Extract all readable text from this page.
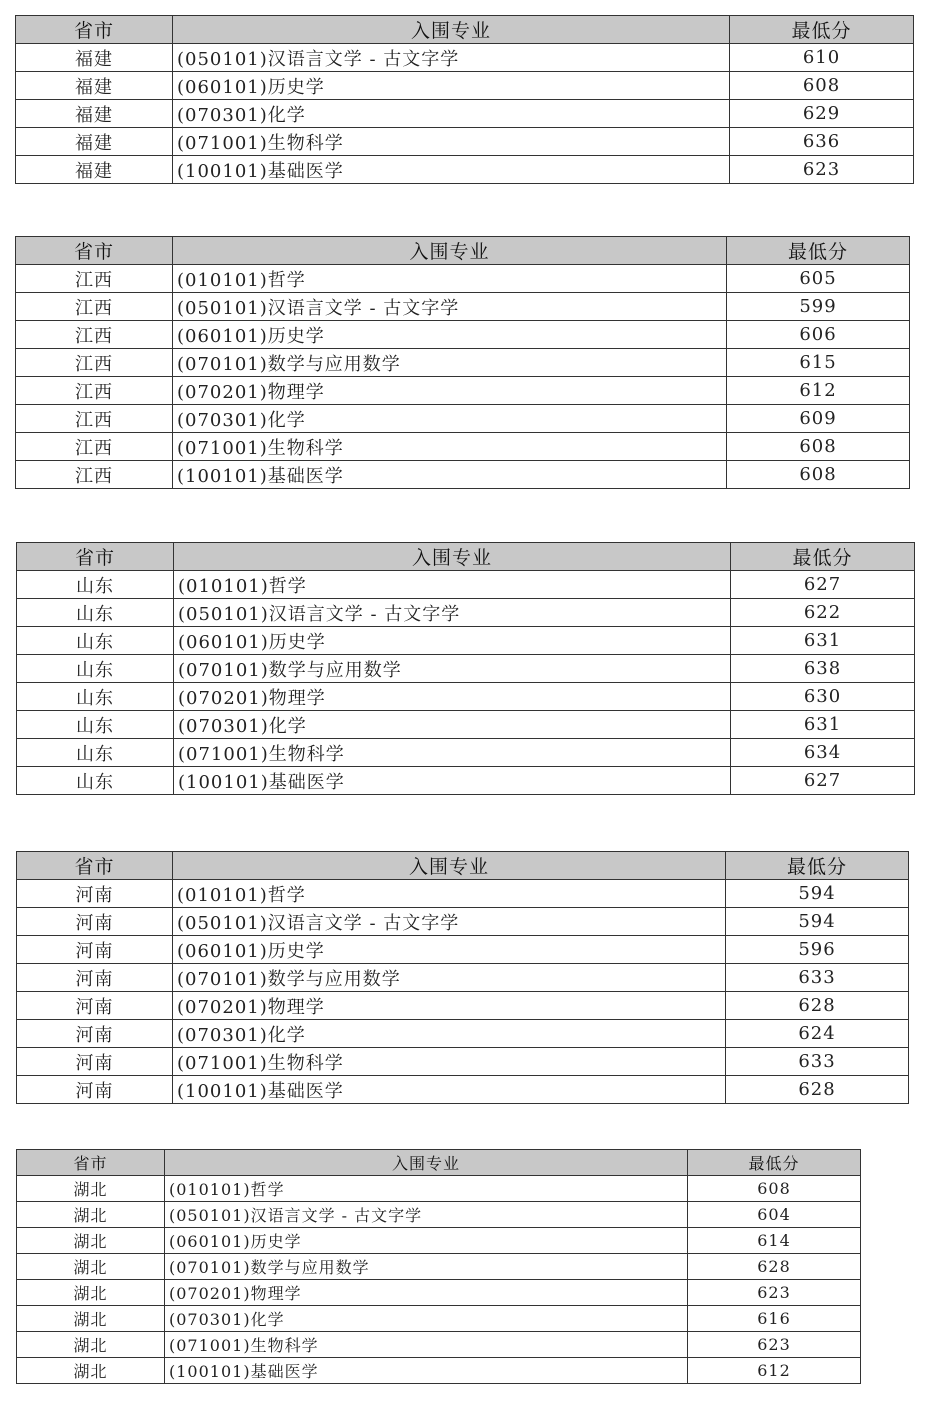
省市	入围专业	最低分
福建	(050101)汉语言文学 - 古文字学	610
福建	(060101)历史学	608
福建	(070301)化学	629
福建	(071001)生物科学	636
福建	(100101)基础医学	623
省市	入围专业	最低分
江西	(010101)哲学	605
江西	(050101)汉语言文学 - 古文字学	599
江西	(060101)历史学	606
江西	(070101)数学与应用数学	615
江西	(070201)物理学	612
江西	(070301)化学	609
江西	(071001)生物科学	608
江西	(100101)基础医学	608
省市	入围专业	最低分
山东	(010101)哲学	627
山东	(050101)汉语言文学 - 古文字学	622
山东	(060101)历史学	631
山东	(070101)数学与应用数学	638
山东	(070201)物理学	630
山东	(070301)化学	631
山东	(071001)生物科学	634
山东	(100101)基础医学	627
省市	入围专业	最低分
河南	(010101)哲学	594
河南	(050101)汉语言文学 - 古文字学	594
河南	(060101)历史学	596
河南	(070101)数学与应用数学	633
河南	(070201)物理学	628
河南	(070301)化学	624
河南	(071001)生物科学	633
河南	(100101)基础医学	628
省市	入围专业	最低分
湖北	(010101)哲学	608
湖北	(050101)汉语言文学 - 古文字学	604
湖北	(060101)历史学	614
湖北	(070101)数学与应用数学	628
湖北	(070201)物理学	623
湖北	(070301)化学	616
湖北	(071001)生物科学	623
湖北	(100101)基础医学	612
